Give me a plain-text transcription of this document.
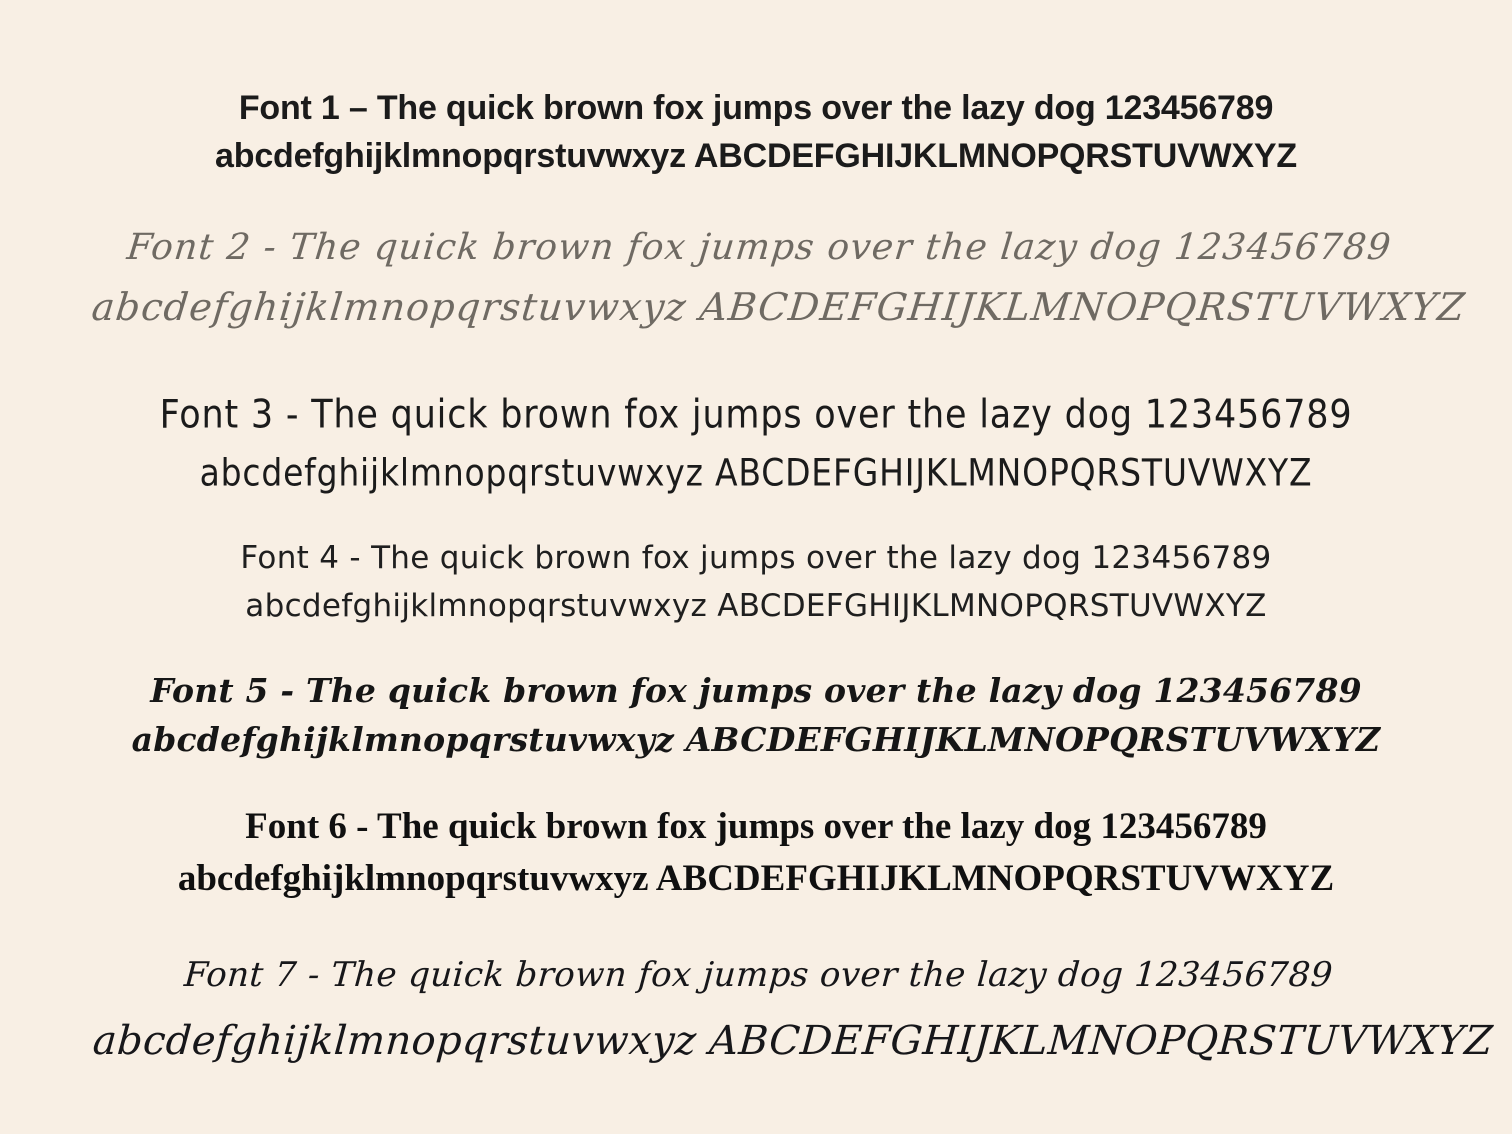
Font 1 – The quick brown fox jumps over the lazy dog 123456789
abcdefghijklmnopqrstuvwxyz ABCDEFGHIJKLMNOPQRSTUVWXYZ
Font 2 - The quick brown fox jumps over the lazy dog 123456789
abcdefghijklmnopqrstuvwxyz ABCDEFGHIJKLMNOPQRSTUVWXYZ
Font 3 - The quick brown fox jumps over the lazy dog 123456789
abcdefghijklmnopqrstuvwxyz ABCDEFGHIJKLMNOPQRSTUVWXYZ
Font 4 - The quick brown fox jumps over the lazy dog 123456789
abcdefghijklmnopqrstuvwxyz ABCDEFGHIJKLMNOPQRSTUVWXYZ
Font 5 - The quick brown fox jumps over the lazy dog 123456789
abcdefghijklmnopqrstuvwxyz ABCDEFGHIJKLMNOPQRSTUVWXYZ
Font 6 - The quick brown fox jumps over the lazy dog 123456789
abcdefghijklmnopqrstuvwxyz ABCDEFGHIJKLMNOPQRSTUVWXYZ
Font 7 - The quick brown fox jumps over the lazy dog 123456789
abcdefghijklmnopqrstuvwxyz ABCDEFGHIJKLMNOPQRSTUVWXYZ
